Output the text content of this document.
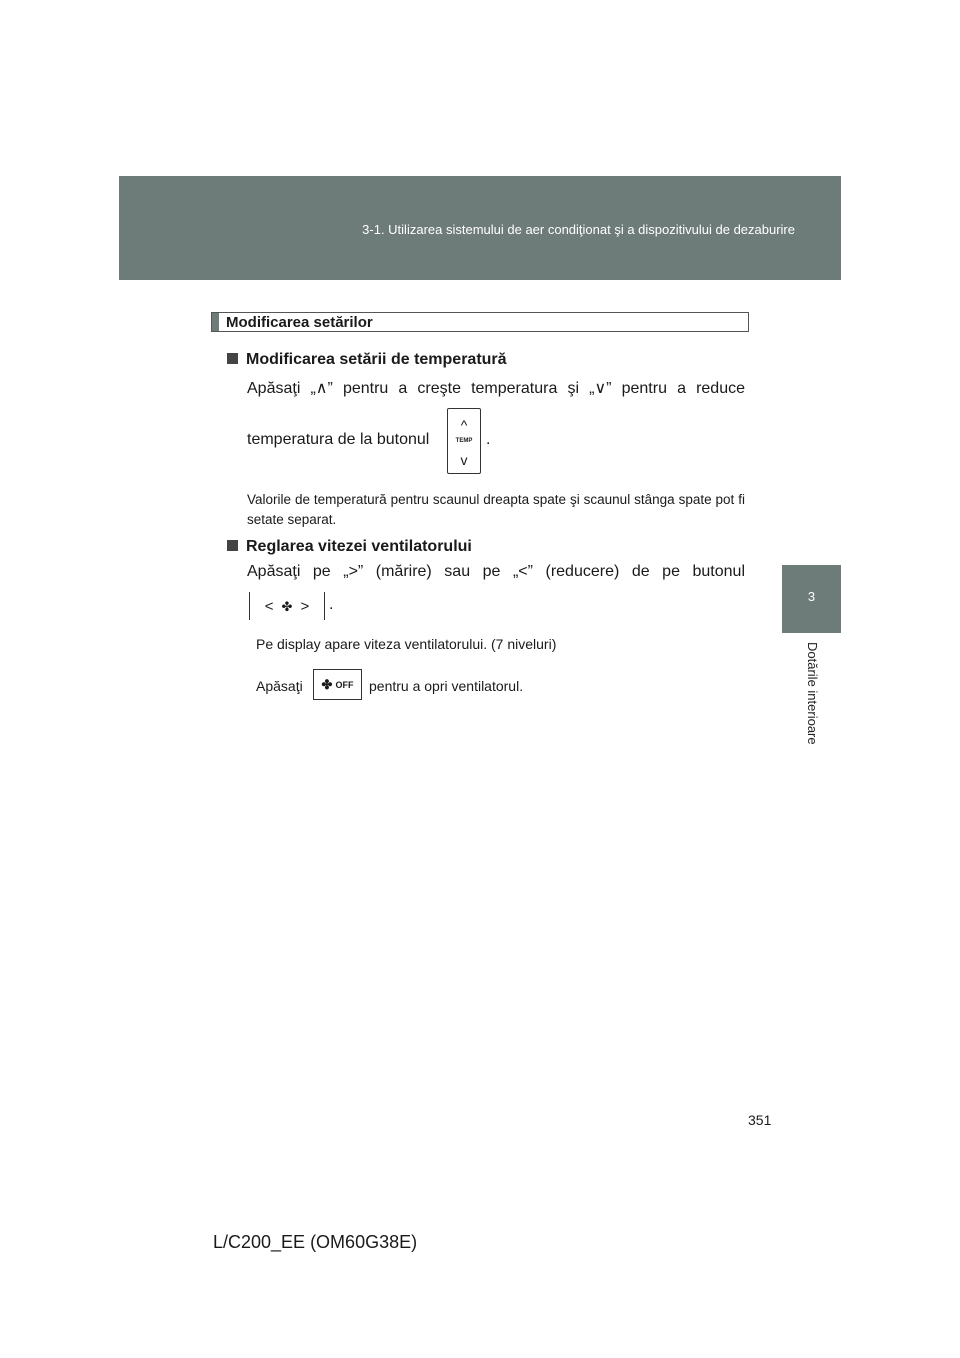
3-1. Utilizarea sistemului de aer condiţionat şi a dispozitivului de dezaburire
3
Dotările interioare
Modificarea setărilor
Modificarea setării de temperatură
Apăsaţi „∧” pentru a creşte temperatura şi „∨” pentru a reduce
temperatura de la butonul
^
TEMP
v
.
Valorile de temperatură pentru scaunul dreapta spate şi scaunul stânga spate pot fi setate separat.
Reglarea vitezei ventilatorului
Apăsaţi pe „>” (mărire) sau pe „<” (reducere) de pe butonul
< ✤ > .
Pe display apare viteza ventilatorului. (7 niveluri)
Apăsaţi ✤ OFF pentru a opri ventilatorul.
351
L/C200_EE (OM60G38E)
